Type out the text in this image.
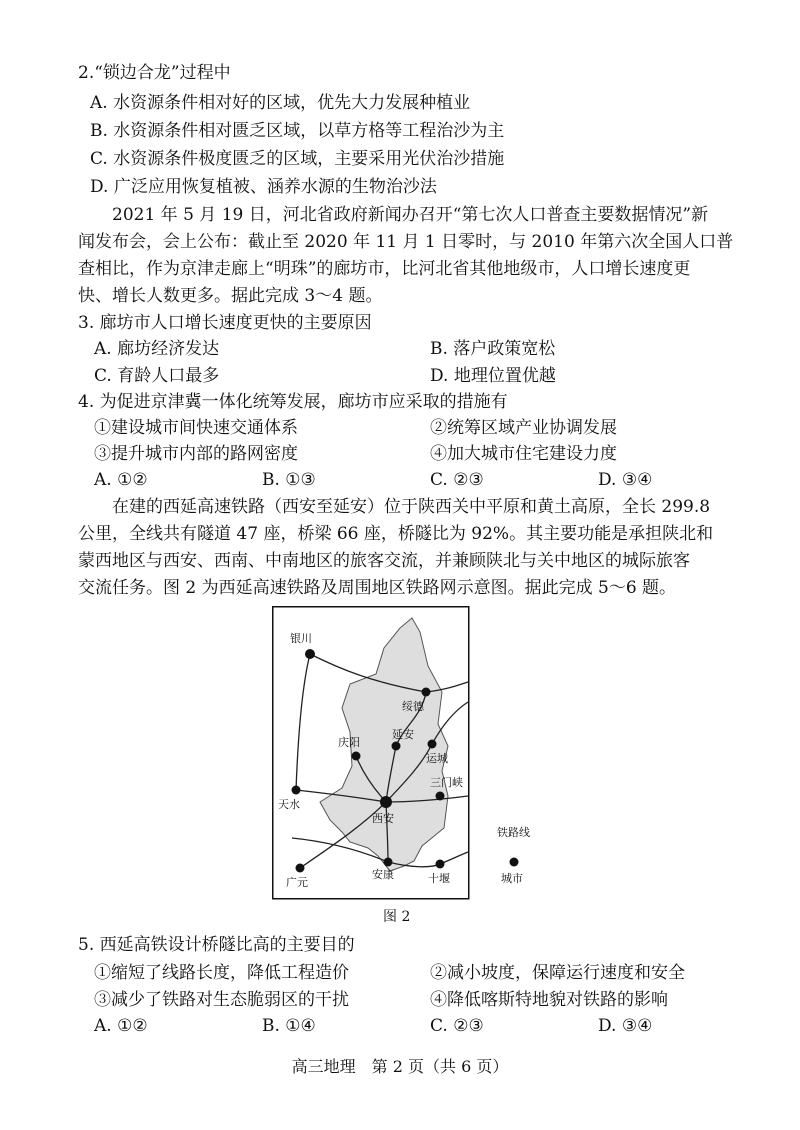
2.“锁边合龙”过程中
A. 水资源条件相对好的区域，优先大力发展种植业
B. 水资源条件相对匮乏区域，以草方格等工程治沙为主
C. 水资源条件极度匮乏的区域，主要采用光伏治沙措施
D. 广泛应用恢复植被、涵养水源的生物治沙法
2021 年 5 月 19 日，河北省政府新闻办召开“第七次人口普查主要数据情况”新
闻发布会，会上公布：截止至 2020 年 11 月 1 日零时，与 2010 年第六次全国人口普
查相比，作为京津走廊上“明珠”的廊坊市，比河北省其他地级市，人口增长速度更
快、增长人数更多。据此完成 3～4 题。
3. 廊坊市人口增长速度更快的主要原因
A. 廊坊经济发达	B. 落户政策宽松
C. 育龄人口最多	D. 地理位置优越
4. 为促进京津冀一体化统筹发展，廊坊市应采取的措施有
①建设城市间快速交通体系	②统筹区域产业协调发展
③提升城市内部的路网密度	④加大城市住宅建设力度
A. ①②	B. ①③	C. ②③	D. ③④
在建的西延高速铁路（西安至延安）位于陕西关中平原和黄土高原，全长 299.8
公里，全线共有隧道 47 座，桥梁 66 座，桥隧比为 92%。其主要功能是承担陕北和
蒙西地区与西安、西南、中南地区的旅客交流，并兼顾陕北与关中地区的城际旅客
交流任务。图 2 为西延高速铁路及周围地区铁路网示意图。据此完成 5～6 题。
银川
绥德
庆阳
延安
运城
天水
三门峡
西安
广元
安康	十堰
铁路线
城市
图 2
5. 西延高铁设计桥隧比高的主要目的
①缩短了线路长度，降低工程造价	②减小坡度，保障运行速度和安全
③减少了铁路对生态脆弱区的干扰	④降低喀斯特地貌对铁路的影响
A. ①②	B. ①④	C. ②③	D. ③④
高三地理　第 2 页（共 6 页）
